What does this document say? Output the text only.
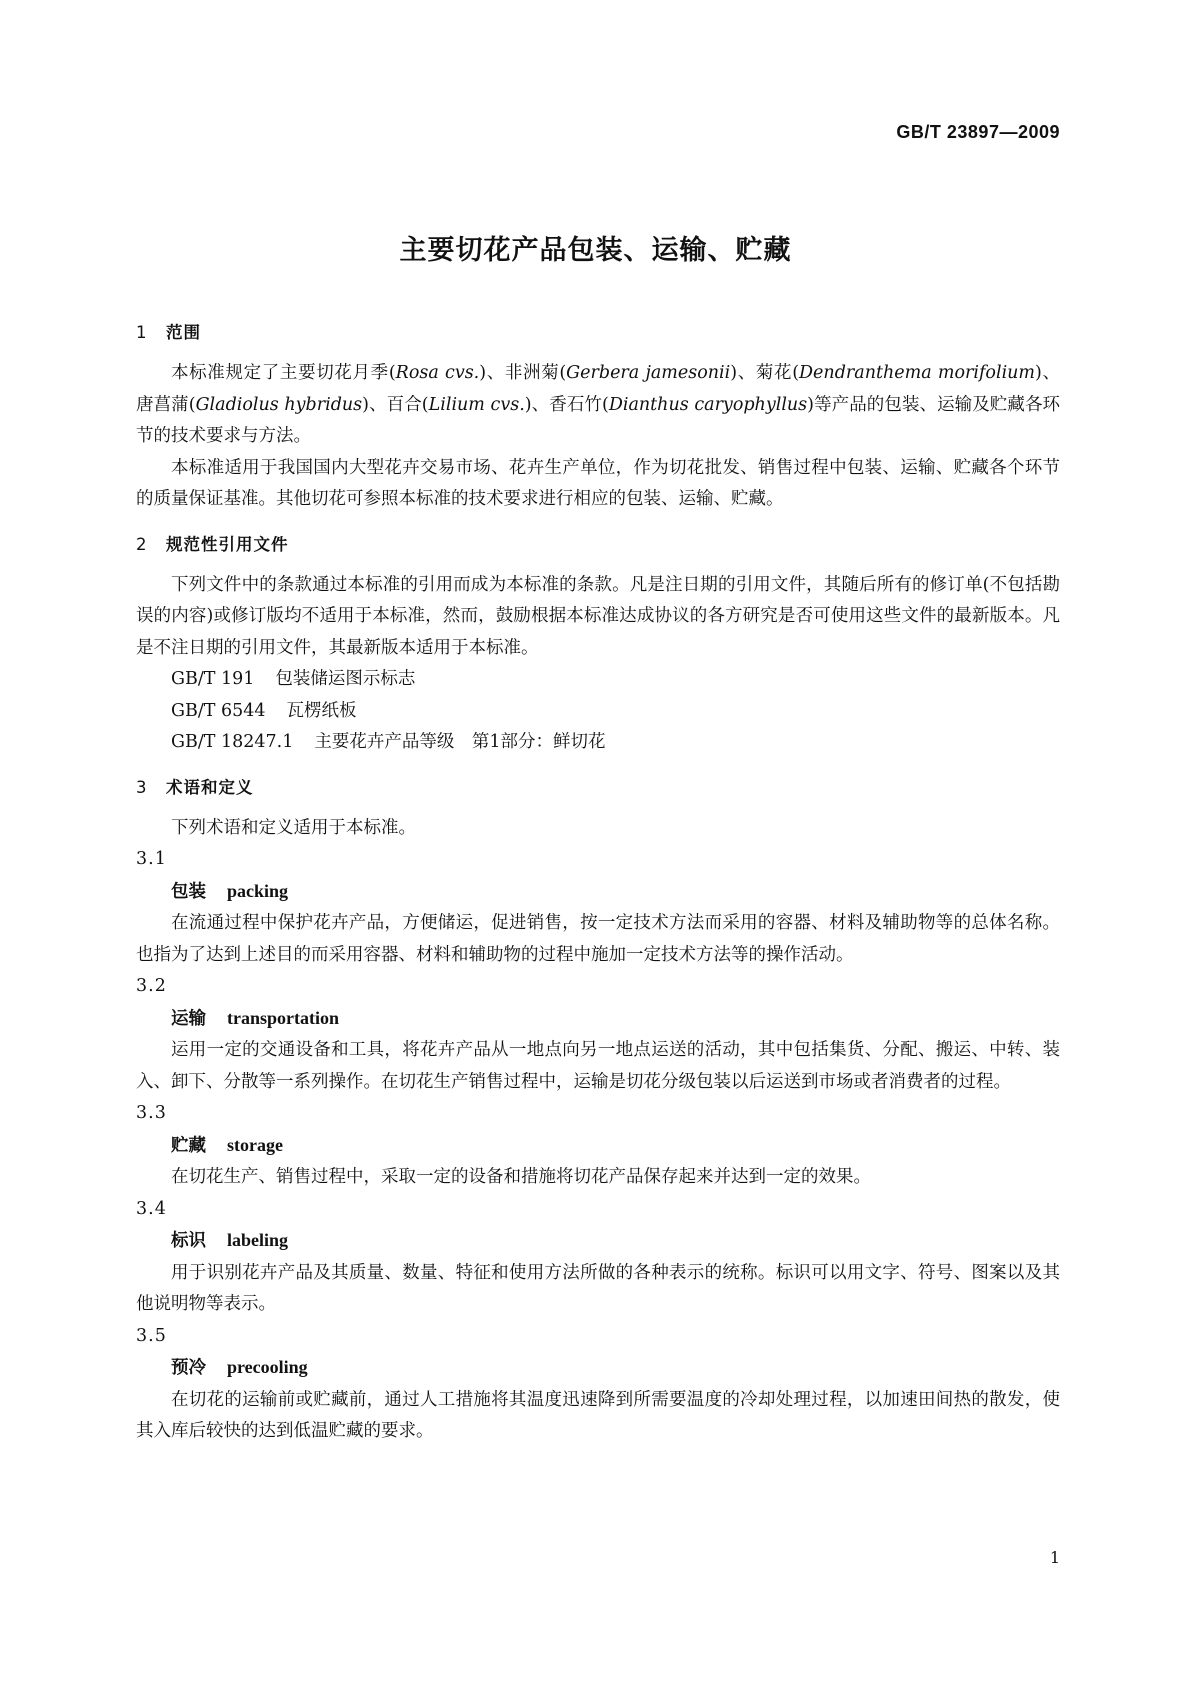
GB/T 23897—2009
主要切花产品包装、运输、贮藏
1 范围

本标准规定了主要切花月季(Rosa cvs.)、非洲菊(Gerbera jamesonii)、菊花(Dendranthema morifolium)、唐菖蒲(Gladiolus hybridus)、百合(Lilium cvs.)、香石竹(Dianthus caryophyllus)等产品的包装、运输及贮藏各环节的技术要求与方法。

本标准适用于我国国内大型花卉交易市场、花卉生产单位，作为切花批发、销售过程中包装、运输、贮藏各个环节的质量保证基准。其他切花可参照本标准的技术要求进行相应的包装、运输、贮藏。

2 规范性引用文件

下列文件中的条款通过本标准的引用而成为本标准的条款。凡是注日期的引用文件，其随后所有的修订单(不包括勘误的内容)或修订版均不适用于本标准，然而，鼓励根据本标准达成协议的各方研究是否可使用这些文件的最新版本。凡是不注日期的引用文件，其最新版本适用于本标准。

GB/T 191 包装储运图示标志

GB/T 6544 瓦楞纸板

GB/T 18247.1 主要花卉产品等级　第1部分：鲜切花

3 术语和定义

下列术语和定义适用于本标准。

3.1

包装 packing

在流通过程中保护花卉产品，方便储运，促进销售，按一定技术方法而采用的容器、材料及辅助物等的总体名称。也指为了达到上述目的而采用容器、材料和辅助物的过程中施加一定技术方法等的操作活动。

3.2

运输 transportation

运用一定的交通设备和工具，将花卉产品从一地点向另一地点运送的活动，其中包括集货、分配、搬运、中转、装入、卸下、分散等一系列操作。在切花生产销售过程中，运输是切花分级包装以后运送到市场或者消费者的过程。

3.3

贮藏 storage

在切花生产、销售过程中，采取一定的设备和措施将切花产品保存起来并达到一定的效果。

3.4

标识 labeling

用于识别花卉产品及其质量、数量、特征和使用方法所做的各种表示的统称。标识可以用文字、符号、图案以及其他说明物等表示。

3.5

预冷 precooling

在切花的运输前或贮藏前，通过人工措施将其温度迅速降到所需要温度的冷却处理过程，以加速田间热的散发，使其入库后较快的达到低温贮藏的要求。

1
